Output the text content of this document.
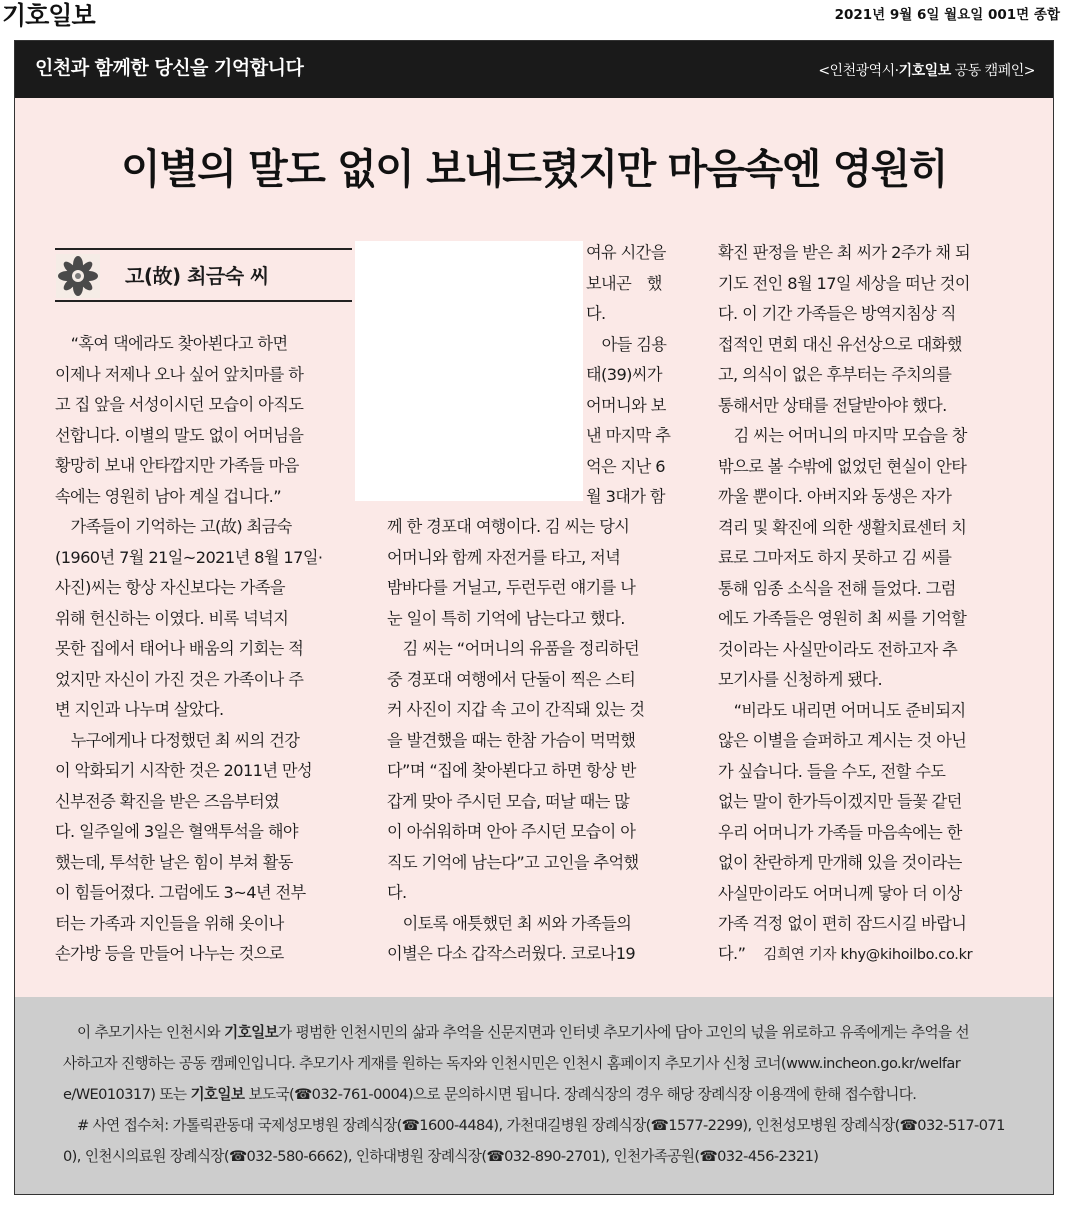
기호일보	2021년 9월 6일 월요일 001면 종합
인천과 함께한 당신을 기억합니다	<인천광역시·기호일보 공동 캠페인>
이별의 말도 없이 보내드렸지만 마음속엔 영원히
고(故) 최금숙 씨

　“혹여 댁에라도 찾아뵌다고 하면
이제나 저제나 오나 싶어 앞치마를 하
고 집 앞을 서성이시던 모습이 아직도
선합니다. 이별의 말도 없이 어머님을
황망히 보내 안타깝지만 가족들 마음
속에는 영원히 남아 계실 겁니다.”
　가족들이 기억하는 고(故) 최금숙
(1960년 7월 21일~2021년 8월 17일·
사진)씨는 항상 자신보다는 가족을
위해 헌신하는 이였다. 비록 넉넉지
못한 집에서 태어나 배움의 기회는 적
었지만 자신이 가진 것은 가족이나 주
변 지인과 나누며 살았다.
　누구에게나 다정했던 최 씨의 건강
이 악화되기 시작한 것은 2011년 만성
신부전증 확진을 받은 즈음부터였
다. 일주일에 3일은 혈액투석을 해야
했는데, 투석한 날은 힘이 부쳐 활동
이 힘들어졌다. 그럼에도 3~4년 전부
터는 가족과 지인들을 위해 옷이나
손가방 등을 만들어 나누는 것으로

여유 시간을
보내곤　했
다.
　아들 김용
태(39)씨가
어머니와 보
낸 마지막 추
억은 지난 6
월 3대가 함

께 한 경포대 여행이다. 김 씨는 당시
어머니와 함께 자전거를 타고, 저녁
밤바다를 거닐고, 두런두런 얘기를 나
눈 일이 특히 기억에 남는다고 했다.
　김 씨는 “어머니의 유품을 정리하던
중 경포대 여행에서 단둘이 찍은 스티
커 사진이 지갑 속 고이 간직돼 있는 것
을 발견했을 때는 한참 가슴이 먹먹했
다”며 “집에 찾아뵌다고 하면 항상 반
갑게 맞아 주시던 모습, 떠날 때는 많
이 아쉬워하며 안아 주시던 모습이 아
직도 기억에 남는다”고 고인을 추억했
다.
　이토록 애틋했던 최 씨와 가족들의
이별은 다소 갑작스러웠다. 코로나19

확진 판정을 받은 최 씨가 2주가 채 되
기도 전인 8월 17일 세상을 떠난 것이
다. 이 기간 가족들은 방역지침상 직
접적인 면회 대신 유선상으로 대화했
고, 의식이 없은 후부터는 주치의를
통해서만 상태를 전달받아야 했다.
　김 씨는 어머니의 마지막 모습을 창
밖으로 볼 수밖에 없었던 현실이 안타
까울 뿐이다. 아버지와 동생은 자가
격리 및 확진에 의한 생활치료센터 치
료로 그마저도 하지 못하고 김 씨를
통해 임종 소식을 전해 들었다. 그럼
에도 가족들은 영원히 최 씨를 기억할
것이라는 사실만이라도 전하고자 추
모기사를 신청하게 됐다.
　“비라도 내리면 어머니도 준비되지
않은 이별을 슬퍼하고 계시는 것 아닌
가 싶습니다. 들을 수도, 전할 수도
없는 말이 한가득이겠지만 들꽃 같던
우리 어머니가 가족들 마음속에는 한
없이 찬란하게 만개해 있을 것이라는
사실만이라도 어머니께 닿아 더 이상
가족 걱정 없이 편히 잠드시길 바랍니

다.” 김희연 기자 khy@kihoilbo.co.kr

　이 추모기사는 인천시와 기호일보가 평범한 인천시민의 삶과 추억을 신문지면과 인터넷 추모기사에 담아 고인의 넋을 위로하고 유족에게는 추억을 선

사하고자 진행하는 공동 캠페인입니다. 추모기사 게재를 원하는 독자와 인천시민은 인천시 홈페이지 추모기사 신청 코너(www.incheon.go.kr/welfar

e/WE010317) 또는 기호일보 보도국(☎032-761-0004)으로 문의하시면 됩니다. 장례식장의 경우 해당 장례식장 이용객에 한해 접수합니다.

　# 사연 접수처: 가톨릭관동대 국제성모병원 장례식장(☎1600-4484), 가천대길병원 장례식장(☎1577-2299), 인천성모병원 장례식장(☎032-517-071

0), 인천시의료원 장례식장(☎032-580-6662), 인하대병원 장례식장(☎032-890-2701), 인천가족공원(☎032-456-2321)
